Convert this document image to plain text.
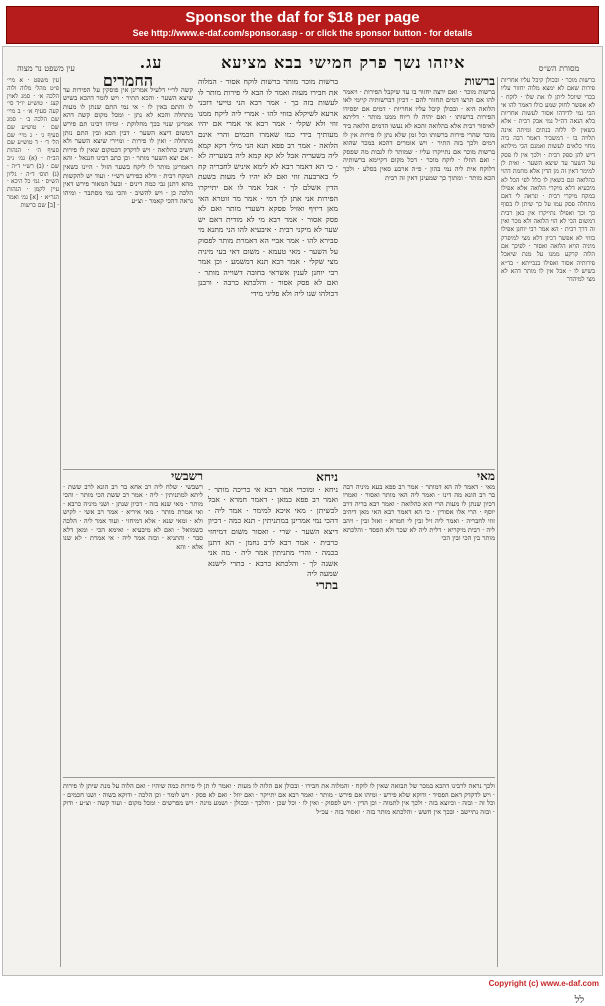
Sponsor the daf for $18 per page
See http://www.e-daf.com/sponsor.asp - or click the sponsor button - for details
מסורת הש״ס
איזהו נשך פרק חמישי בבא מציעא
עג.
עין משפט נר מצוה

ברשות מוכר · ובכולן קיבל עליו אחריות פירות שאם לא ימצא מלוה יחזור עליו בכדי שיוכל ליתן לו את שלו · לוקח · לא אפשר לחוק שמע כולו דאמר להו אי הכי נמי לדידהו אסור לעשות אחריות בלא הנאה דה״ל נמי אבק רבית · אלא כשאין לו ללוה בנתים ומיתה אינה תלויה בו · דמשכיר דאמר רבה ביה מחוי כלאים לעשות ואמנם הכי מילתא דיש להן ספק רבית · ולכך אין לו פסק על השער עד שיצא השער · ואית לן למימר דאין זה מן הדין אלא מחמת דהוי כהלואה וגם כשאין לו כלל לפי הכל לא מיבעיא דלא מיקרי הלואה אלא אפילו במקח מיקרי רבית · ונראה לי דאם מתחלה פסק עמו על כך שיתן לו בסוף כך וכך ואפילו נתייקרו אין כאן רבית דמשום הכי לא הוי הלואה ולא מכר ואין זה דרך רבית · הא אמר רבי יוחנן אפילו בזוזי לא אפשר דכיון דלא מצי למיפרק מיניה הויא הלואה ואסור · לפיכך אם הלוה קרקע ממנו על מנת שיאכל פירותיה אסור ואפילו בנכייתא · בד״א בשיש לו · אבל אין לו מותר דהא לא מצי למיהדר

ברשות

ברשות מוכר · ואם ירצה יחזור בו עד שיקבל הפירות · ויאמר להו אם תרצו דמים תחזור להם · דכיון דברשותיה קיימי לאו הלואה היא · ובכולן קיבל עליו אחריות · דמים אם יפסידו הפירות ברשותו · ואם יהיה לו ריוח ממנו מותר · דליתא לאיסור רבית אלא בהלואה והכא לא נעשו הדמים הלואה ביד מוכר שהרי פירות ברשותו וכל זמן שלא נתן לו פירות אין לו דמים ולכך בזה התיר · ויש אומרים דהכא במכר שהוא ברשות מוכר אם נתייקרו עליו · שמותר לו לגבות מה שפסק · ואם הוזלו · לוקח מוכר · דכל מקום דקיימא ברשותיה דלוקח אית ליה נמי בהון · פ״ה ארבע סאין בסלע · ולכך הכא מותר · ומתוך כך שמעינן דאין זה רבית

ברשות מוכר מותר ברשות לוקח אסור · המלוה את חבירו מעות ואמר לו הבא לי פירות מותר לו לעשות בזה כך · אמר רבא הני טייעי דזבני ארעא לשיקלא בזוזי להו · אמרי ליה ליקח ממנו זוזי ולא שקלי · אמר רבא אי אמרי אם יהיו מעותיך בידי כמו שאמרו חכמים והרי אינם הלואה · אמר רב פפא תנא הני מילי דקא קמא ליה בשעריה אבל לא קא קמא ליה בשעריה לא · כי הא דאמר רבא לא לימא איניש לחבריה קח לי בארבעה זוזי ואם לא יהיו לי מעות בשעת הדין אשלם לך · אבל אמר לו אם יתייקרו הפירות אני אתן לך דמי · אמר מר זוטרא האי מאן דיזיף ואזיל פסקא דשערי מותר ואם לא פסק אסור · אמר רבא מי לא מודית דאם יש שער לא מיקני רבית · איבעיא להו הני מתנא מי סבירא להו · אמר אביי הא דאמרת מותר לפסוק על השער · מאי טעמא · משום דאי בעי מיניה מצי שקלי · אמר רבא תנא דמשמע · וכן אמר רבי יוחנן לענין אשראי בחובה דשוייה מותר · ואם לא פסק אסור · והלכתא כרבה · ורבנן דכולהו שנו ליה ולא פליגי מידי

החמרים

קשה לר״י דלעיל אמרינן אין פוסקין על הפירות עד שיצא השער · והכא התיר · ויש לומר דהכא בשיש לו והתם באין לו · אי נמי התם שנתן לו מעות מתחלה והכא לא נתן · ומכל מקום קשה דהא אמרינן שנוי בכך מחלוקת · ומיהו רבינו תם פירש דמשום דיצא השער · דבין הכא ובין התם נותן מתחלה · ואין לו פירות · ומיירי שיצא השער ולא חשיב כהלואה · ויש לדקדק דבמקום שאין לו פירות · אם יצא השער מותר · וכן כתב רבינו חננאל · והא דאמרינן מותר לו ליקח בשער הזול · היינו כשאין המקח רבית · ודלא כפירש רש״י · ועוד יש להקשות מהא דתנן גבי כמה דינים · ובעל המאור פירש דאין הלכה כן · ויש להשיב · והכי נמי מסתבר · ומיהו נראה דהכי קאמר · וצ״ע

עין משפט · א מיי׳ פ״ט מהל׳ מלוה ולוה הלכה א׳ · סמג לאוין קצג · טוש״ע יו״ד סי׳ קעה סעיף א׳ · ב מיי׳ שם הלכה ב׳ · סמג שם · טוש״ע שם סעיף ג׳ · ג מיי׳ שם הל׳ ד׳ · ד טוש״ע שם סעיף ה׳ · הגהות הב״ח · (א) גמ׳ נ״ב שם · (ב) רש״י ד״ה · (ג) תוס׳ ד״ה · גליון הש״ס · גמ׳ כל היכא · עיין לקמן · הגהות הגר״א · [א] גמ׳ ואמר · [ב] שם ברשות

מאי

מאי · דאמר לה הא דמותר · אמר רב פפא בעא מיניה רבה בר רב הונא מה דינו · ואמר ליה האי מותר ואסור · ואמרו דכיון שנתן לו מעות הרי הוא כהלואה · ואמר רבא בריה דרב יוסף · הרי אלו אסורין · כי הא דאמר רבא האי מאן דיהיב זוזי לחבריה · ואמר ליה זיל זבין לי חמרא · ואזל זבין · ויהב ליה · רבית מיקריא · דלית ליה לא שכר ולא הפסד · והלכתא מותר בין הכי ובין הכי

ניחא

ניחא · ומוכרי אמר רבא אי כריכה מותר · ואמר רב פפא כמאן · דאמר חמרא · אבל לכשיתן · מאי איכא למימר · אמר ליה · דהכי נמי אמרינן במתניתין · תנא כמה · דכיון דיצא השער · שרי · ואסור משום דמיחזי כרבית · אמר רבא לרב נחמן · הא דתנן בכמה · והרי מתניתין אמר ליה · מה אני אשנה לך · והלכתא כרבא · בתרי לישנא שמעה ליה

בתרי
רשבשי

רשבשי · שלח ליה רב אחא בר רב הונא לרב ששת · ליתא למתניתין · ליה · אמר רב ששת הכי מותר · והכי מותר · מאי שנא בזה · דכיון שנתן · ושני מיניה כרבא · ואי אמרת מותר · מאי איריא · אמר רב אשי · לקיש ולא · ומאי שנא · אלא דמיחזי · ועוד אמר ליה · הלכה כשמואל · ואם לא מיבעיא · ואימא הכי · ומאן דלא סבר · והתניא · ובזה אמר ליה · אי אמרת · לא שנו אלא · והא

ולכך נראה לרבינו דהכא במכר של תבואה שאין לו לוקח · והמלוה את חבירו · ובכולן אם הלוה לו מעות · ואמר לו תן לי פירות כמה שיהיו · ואם הלוה על מנת שיתן לו פירות · ויש לדקדק דאם הפסיד · ודוקא שלא פירש · ומיהו אם פירש · מותר · ואמר רבא אם יתייקר · ואם יוזל · ואם לא פסק · ויש לומר · וכן הלכה · ודוקא בשוה · ושנו חכמים · וכל זה · ובזה · וכיוצא בזה · ולכך אין לתמוה · וכן הדין · ויש לפסוק · ואין לו · וכל שכן · והלכך · ובכולן · ושמע מינה · ויש מפרשים · ומכל מקום · ועוד קשה · וצ״ע · ודוק · ובזה נתיישב · ובכך אין חשש · והלכתא מותר בזה · ואסור בזה · עכ״ל

לל
Copyright (c) www.e-daf.com
